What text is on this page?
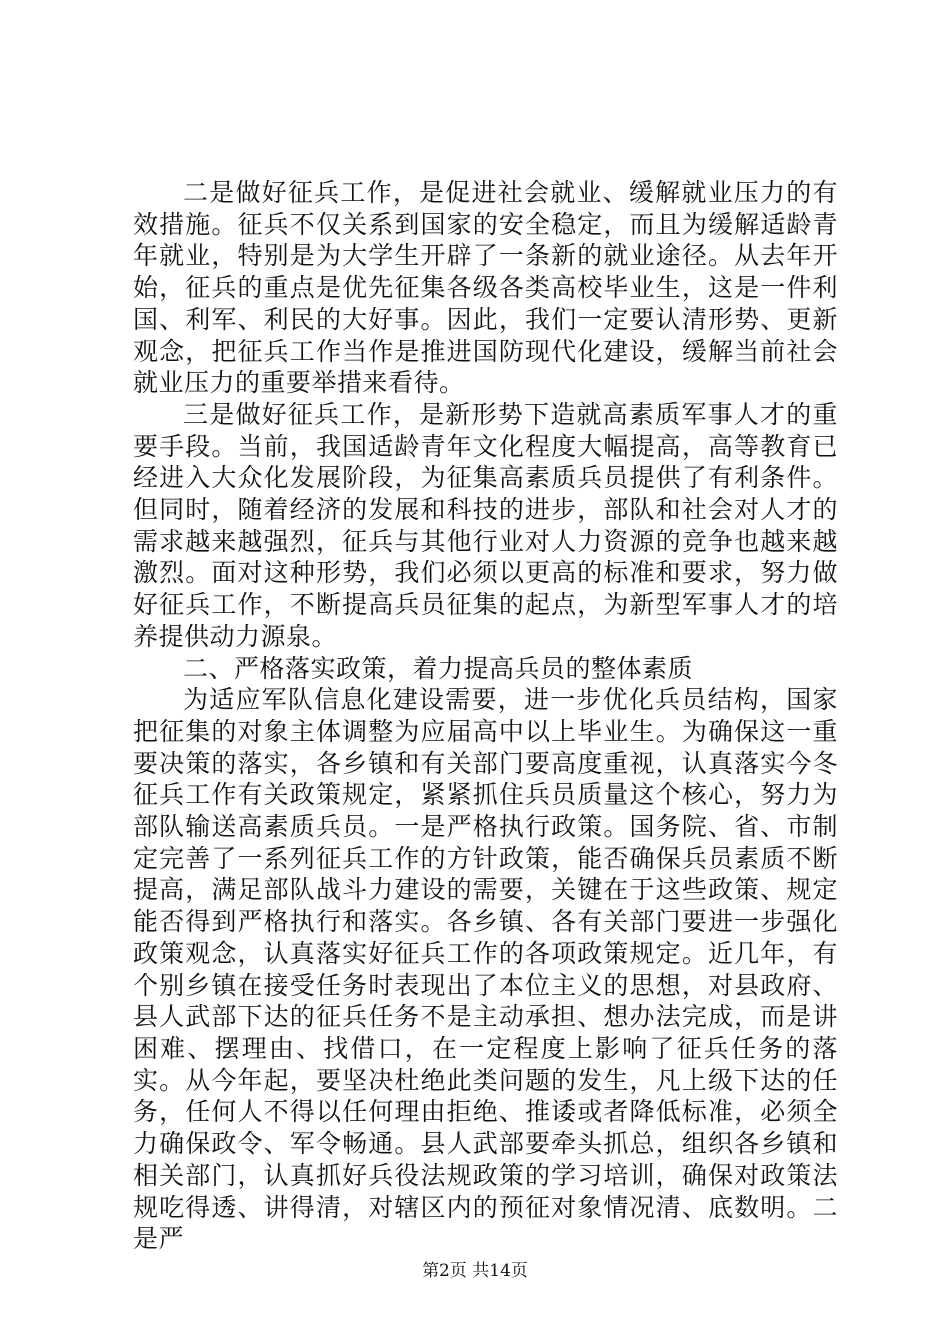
二是做好征兵工作，是促进社会就业、缓解就业压力的有效措施。征兵不仅关系到国家的安全稳定，而且为缓解适龄青年就业，特别是为大学生开辟了一条新的就业途径。从去年开始，征兵的重点是优先征集各级各类高校毕业生，这是一件利国、利军、利民的大好事。因此，我们一定要认清形势、更新观念，把征兵工作当作是推进国防现代化建设，缓解当前社会就业压力的重要举措来看待。

三是做好征兵工作，是新形势下造就高素质军事人才的重要手段。当前，我国适龄青年文化程度大幅提高，高等教育已经进入大众化发展阶段，为征集高素质兵员提供了有利条件。但同时，随着经济的发展和科技的进步，部队和社会对人才的需求越来越强烈，征兵与其他行业对人力资源的竞争也越来越激烈。面对这种形势，我们必须以更高的标准和要求，努力做好征兵工作，不断提高兵员征集的起点，为新型军事人才的培养提供动力源泉。

二、严格落实政策，着力提高兵员的整体素质

为适应军队信息化建设需要，进一步优化兵员结构，国家把征集的对象主体调整为应届高中以上毕业生。为确保这一重要决策的落实，各乡镇和有关部门要高度重视，认真落实今冬征兵工作有关政策规定，紧紧抓住兵员质量这个核心，努力为部队输送高素质兵员。一是严格执行政策。国务院、省、市制定完善了一系列征兵工作的方针政策，能否确保兵员素质不断提高，满足部队战斗力建设的需要，关键在于这些政策、规定能否得到严格执行和落实。各乡镇、各有关部门要进一步强化政策观念，认真落实好征兵工作的各项政策规定。近几年，有个别乡镇在接受任务时表现出了本位主义的思想，对县政府、县人武部下达的征兵任务不是主动承担、想办法完成，而是讲困难、摆理由、找借口，在一定程度上影响了征兵任务的落实。从今年起，要坚决杜绝此类问题的发生，凡上级下达的任务，任何人不得以任何理由拒绝、推诿或者降低标准，必须全力确保政令、军令畅通。县人武部要牵头抓总，组织各乡镇和相关部门，认真抓好兵役法规政策的学习培训，确保对政策法规吃得透、讲得清，对辖区内的预征对象情况清、底数明。二是严

第2页 共14页
